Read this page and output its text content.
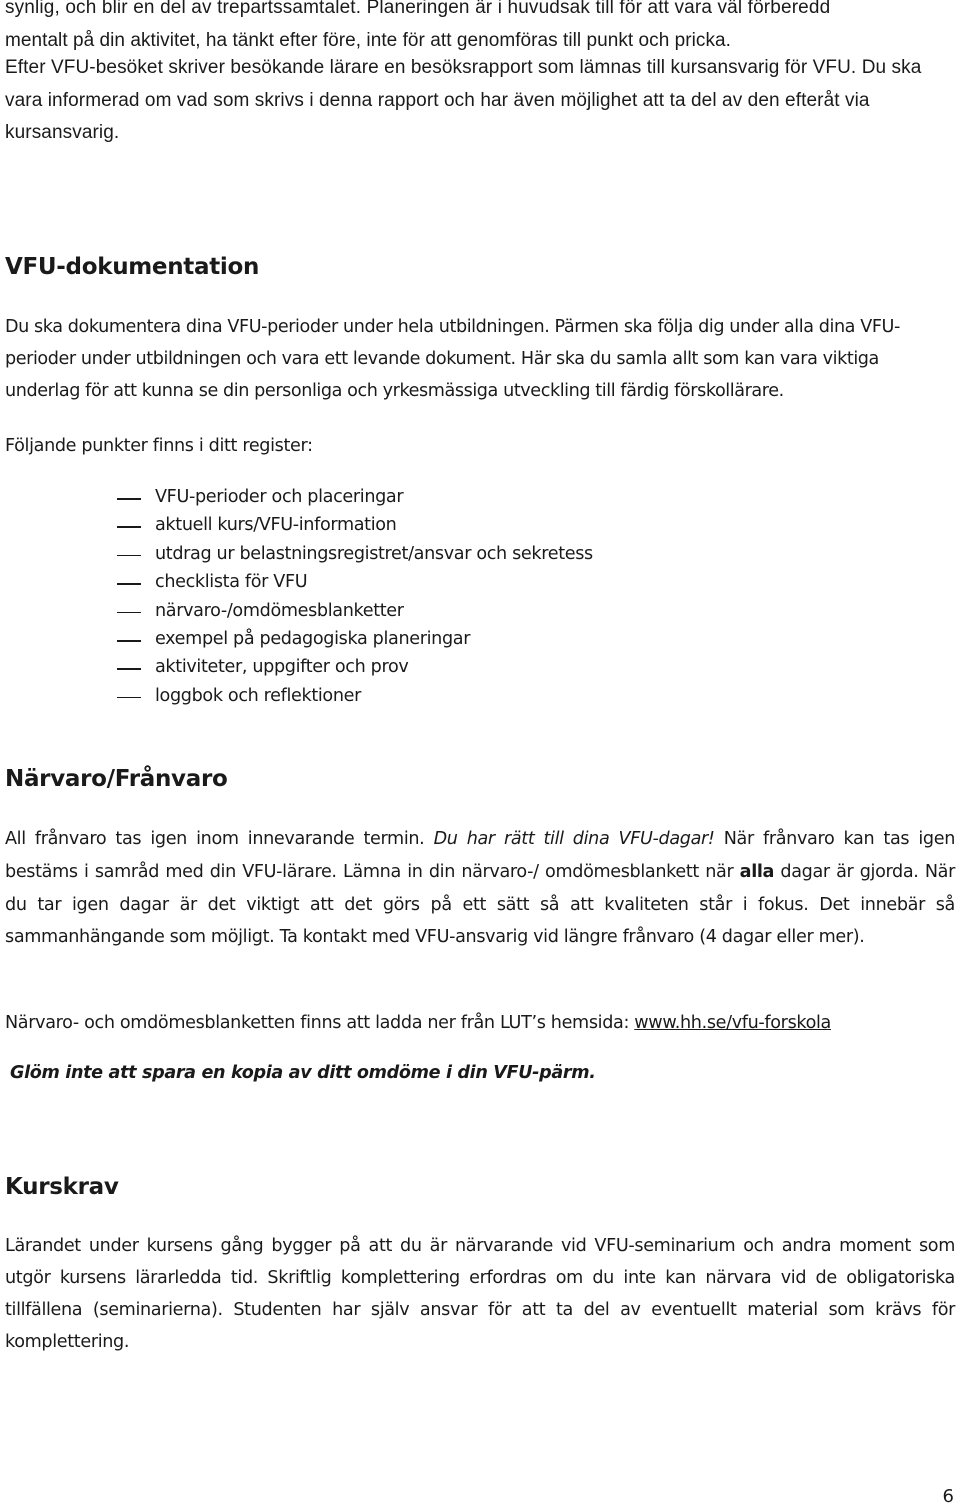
synlig, och blir en del av trepartssamtalet. Planeringen är i huvudsak till för att vara väl förberedd

mentalt på din aktivitet, ha tänkt efter före, inte för att genomföras till punkt och pricka.

Efter VFU-besöket skriver besökande lärare en besöksrapport som lämnas till kursansvarig för VFU. Du ska vara informerad om vad som skrivs i denna rapport och har även möjlighet att ta del av den efteråt via kursansvarig.

VFU-dokumentation

Du ska dokumentera dina VFU-perioder under hela utbildningen. Pärmen ska följa dig under alla dina VFU-perioder under utbildningen och vara ett levande dokument. Här ska du samla allt som kan vara viktiga underlag för att kunna se din personliga och yrkesmässiga utveckling till färdig förskollärare.

Följande punkter finns i ditt register:

VFU-perioder och placeringar
aktuell kurs/VFU-information
utdrag ur belastningsregistret/ansvar och sekretess
checklista för VFU
närvaro-/omdömesblanketter
exempel på pedagogiska planeringar
aktiviteter, uppgifter och prov
loggbok och reflektioner
Närvaro/Frånvaro

All frånvaro tas igen inom innevarande termin. Du har rätt till dina VFU-dagar! När frånvaro kan tas igen bestäms i samråd med din VFU-lärare. Lämna in din närvaro-/ omdömesblankett när alla dagar är gjorda. När du tar igen dagar är det viktigt att det görs på ett sätt så att kvaliteten står i fokus. Det innebär så sammanhängande som möjligt. Ta kontakt med VFU-ansvarig vid längre frånvaro (4 dagar eller mer).

Närvaro- och omdömesblanketten finns att ladda ner från LUT’s hemsida: www.hh.se/vfu-forskola

Glöm inte att spara en kopia av ditt omdöme i din VFU-pärm.
Kurskrav

Lärandet under kursens gång bygger på att du är närvarande vid VFU-seminarium och andra moment som utgör kursens lärarledda tid. Skriftlig komplettering erfordras om du inte kan närvara vid de obligatoriska tillfällena (seminarierna). Studenten har själv ansvar för att ta del av eventuellt material som krävs för komplettering.

6
